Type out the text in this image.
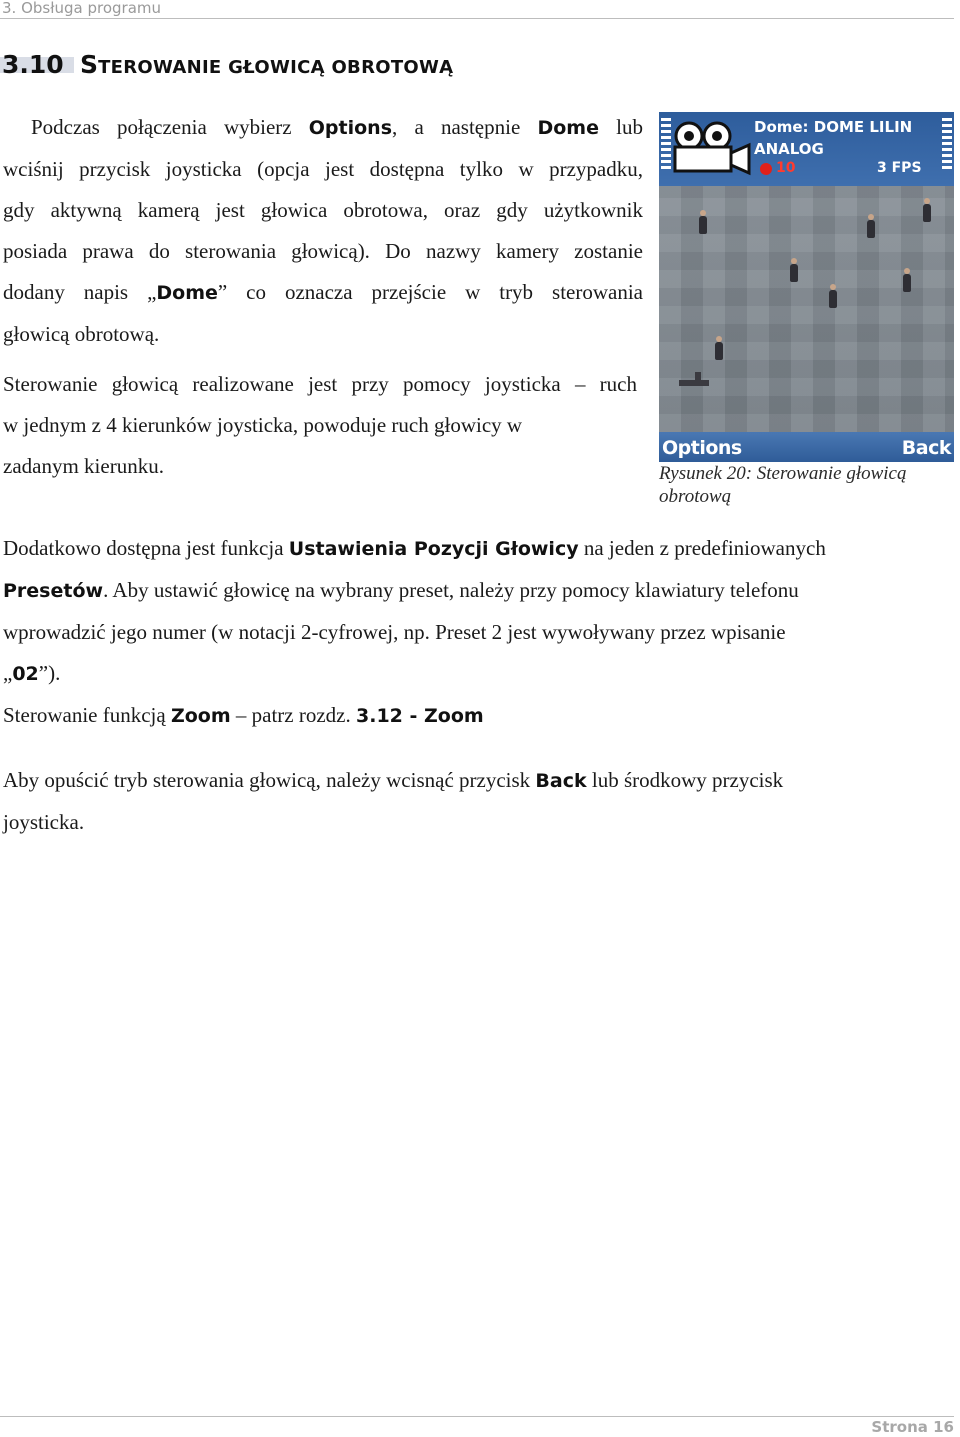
3. Obsługa programu
3.10 STEROWANIE GŁOWICĄ OBROTOWĄ
Podczas połączenia wybierz Options, a następnie Dome lub
wciśnij przycisk joysticka (opcja jest dostępna tylko w przypadku,
gdy aktywną kamerą jest głowica obrotowa, oraz gdy użytkownik
posiada prawa do sterowania głowicą). Do nazwy kamery zostanie
dodany napis „Dome” co oznacza przejście w tryb sterowania
głowicą obrotową.
Sterowanie głowicą realizowane jest przy pomocy joysticka – ruch
w jednym z 4 kierunków joysticka, powoduje ruch głowicy w
zadanym kierunku.
Dome: DOME LILIN
ANALOG
10	3 FPS
Options	Back
Rysunek 20: Sterowanie głowicą obrotową
Dodatkowo dostępna jest funkcja Ustawienia Pozycji Głowicy na jeden z predefiniowanych
Presetów. Aby ustawić głowicę na wybrany preset, należy przy pomocy klawiatury telefonu
wprowadzić jego numer (w notacji 2-cyfrowej, np. Preset 2 jest wywoływany przez wpisanie
„02”).
Sterowanie funkcją Zoom – patrz rozdz. 3.12 - Zoom
Aby opuścić tryb sterowania głowicą, należy wcisnąć przycisk Back lub środkowy przycisk
joysticka.
Strona 16
